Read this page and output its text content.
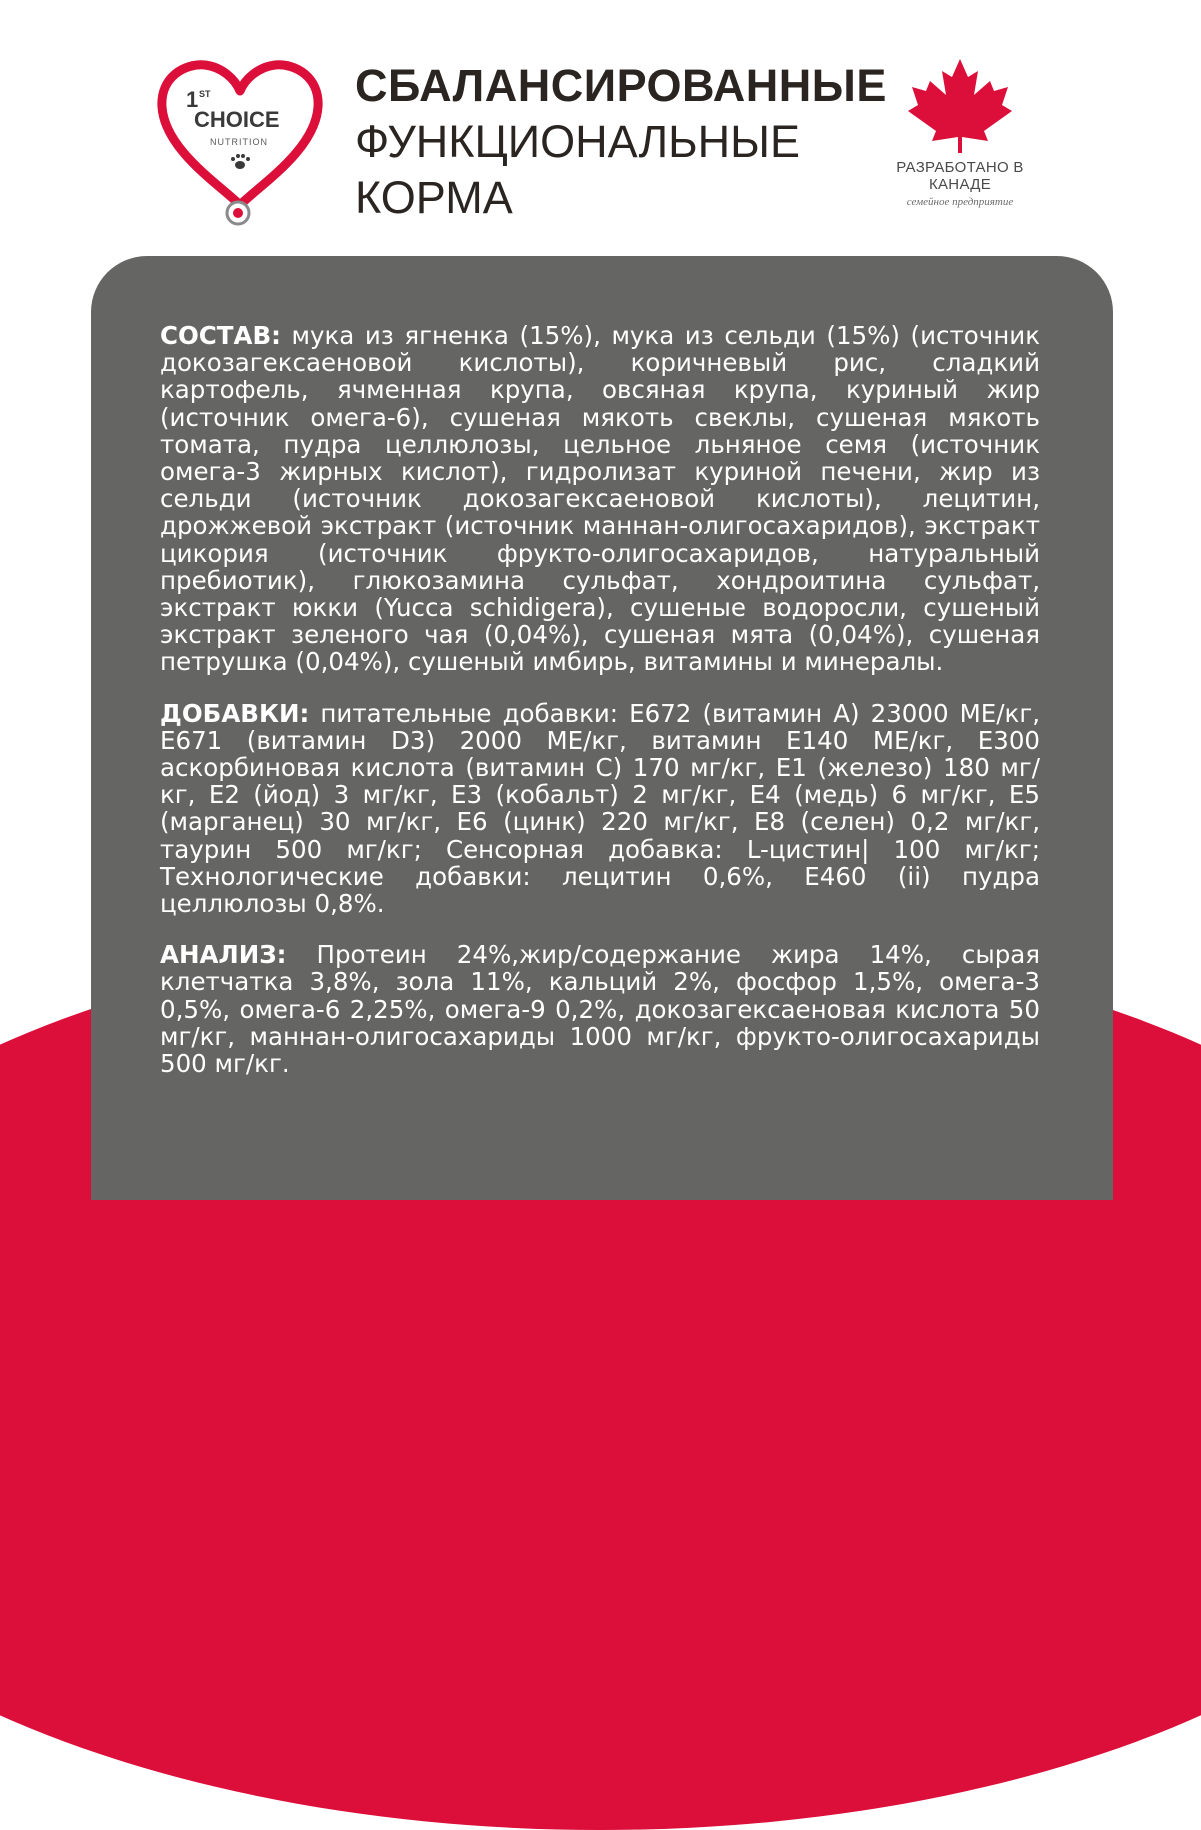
1 ST
CHOICE
NUTRITION
СБАЛАНСИРОВАННЫЕ
ФУНКЦИОНАЛЬНЫЕ
КОРМА
РАЗРАБОТАНО В КАНАДЕ
семейное предприятие

СОСТАВ: мука из ягненка (15%), мука из сельди (15%) (источник докозагексаеновой кислоты), коричневый рис, сладкий картофель, ячменная крупа, овсяная крупа, куриный жир (источник омега-6), сушеная мякоть свеклы, сушеная мякоть томата, пудра целлюлозы, цельное льняное семя (источник омега-3 жирных кислот), гидролизат куриной печени, жир из сельди (источник докозагексаеновой кислоты), лецитин, дрожжевой экстракт (источник маннан-олигосахаридов), экстракт цикория (источник фрукто-олигосахаридов, натуральный пребиотик), глюкозамина сульфат, хондроитина сульфат, экстракт юкки (Yucca schidigera), сушеные водоросли, сушеный экстракт зеленого чая (0,04%), сушеная мята (0,04%), сушеная петрушка (0,04%), сушеный имбирь, витамины и минералы.

ДОБАВКИ: питательные добавки: Е672 (витамин А) 23000 МЕ/кг, Е671 (витамин D3) 2000 МЕ/кг, витамин Е140 МЕ/кг, Е300 аскорбиновая кислота (витамин С) 170 мг/кг, Е1 (железо) 180 мг/кг, Е2 (йод) 3 мг/кг, Е3 (кобальт) 2 мг/кг, Е4 (медь) 6 мг/кг, Е5 (марганец) 30 мг/кг, Е6 (цинк) 220 мг/кг, Е8 (селен) 0,2 мг/кг, таурин 500 мг/кг; Сенсорная добавка: L-цистин| 100 мг/кг; Технологические добавки: лецитин 0,6%, Е460 (ii) пудра целлюлозы 0,8%.

АНАЛИЗ: Протеин 24%,жир/содержание жира 14%, сырая клетчатка 3,8%, зола 11%, кальций 2%, фосфор 1,5%, омега-3 0,5%, омега-6 2,25%, омега-9 0,2%, докозагексаеновая кислота 50 мг/кг, маннан-олигосахариды 1000 мг/кг, фрукто-олигосахариды 500 мг/кг.
